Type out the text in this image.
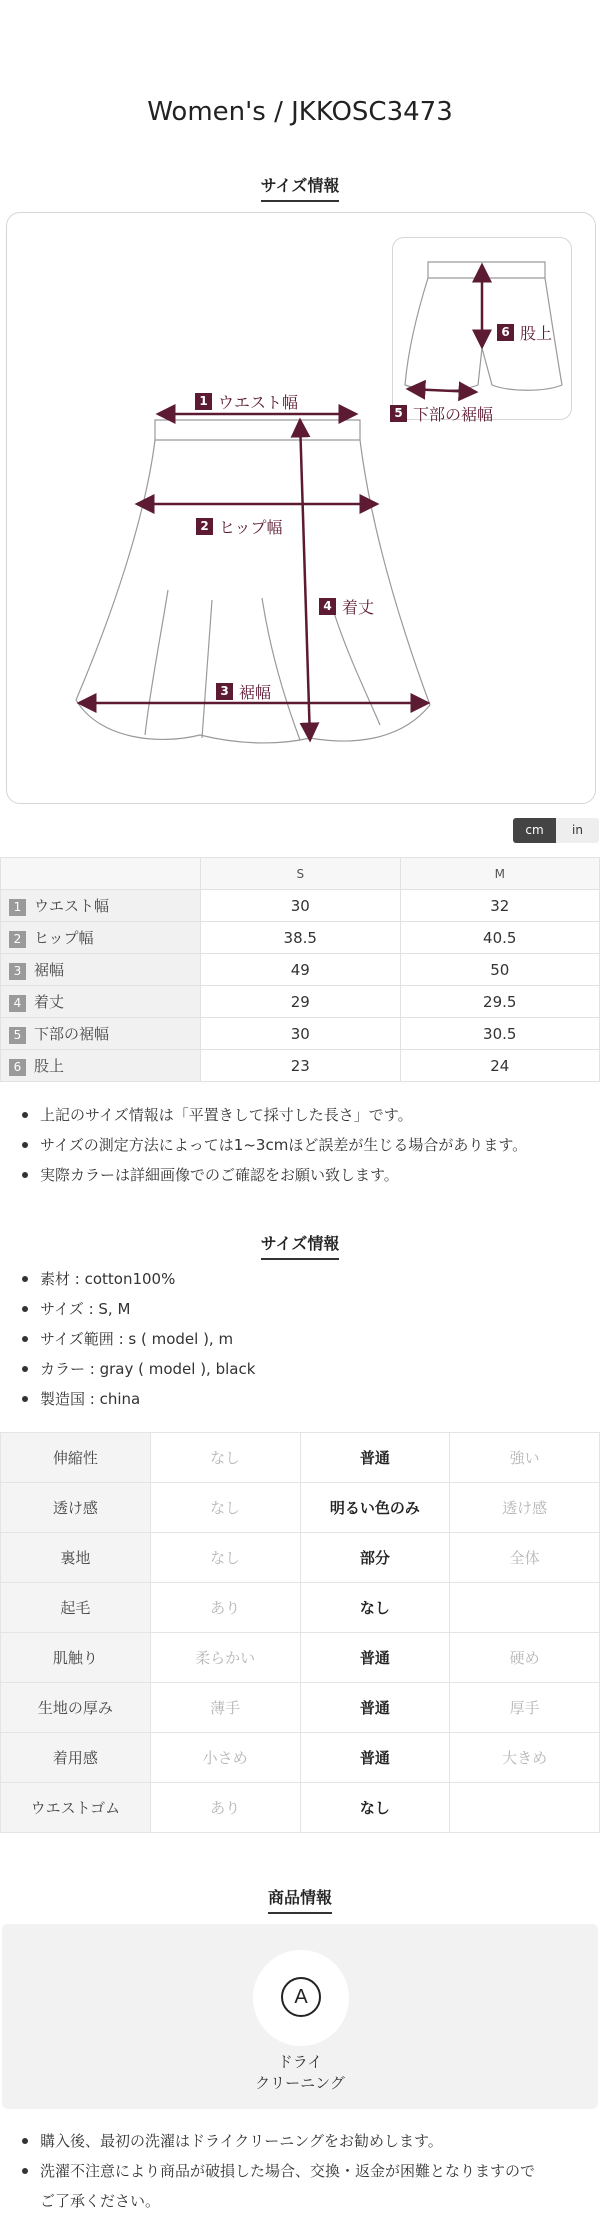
Women's / JKKOSC3473
サイズ情報
1 ウエスト幅
2 ヒップ幅
3 裾幅
4 着丈
5 下部の裾幅
6 股上
cm	in
	S	M
1 ウエスト幅	30	32
2 ヒップ幅	38.5	40.5
3 裾幅	49	50
4 着丈	29	29.5
5 下部の裾幅	30	30.5
6 股上	23	24
上記のサイズ情報は「平置きして採寸した長さ」です。
サイズの測定方法によっては1~3cmほど誤差が生じる場合があります。
実際カラーは詳細画像でのご確認をお願い致します。
サイズ情報
素材 : cotton100%
サイズ : S, M
サイズ範囲 : s ( model ), m
カラー : gray ( model ), black
製造国 : china
伸縮性	なし	普通	強い
透け感	なし	明るい色のみ	透け感
裏地	なし	部分	全体
起毛	あり	なし	
肌触り	柔らかい	普通	硬め
生地の厚み	薄手	普通	厚手
着用感	小さめ	普通	大きめ
ウエストゴム	あり	なし	
商品情報
A
ドライ
クリーニング
購入後、最初の洗濯はドライクリーニングをお勧めします。
洗濯不注意により商品が破損した場合、交換・返金が困難となりますので
ご了承ください。
